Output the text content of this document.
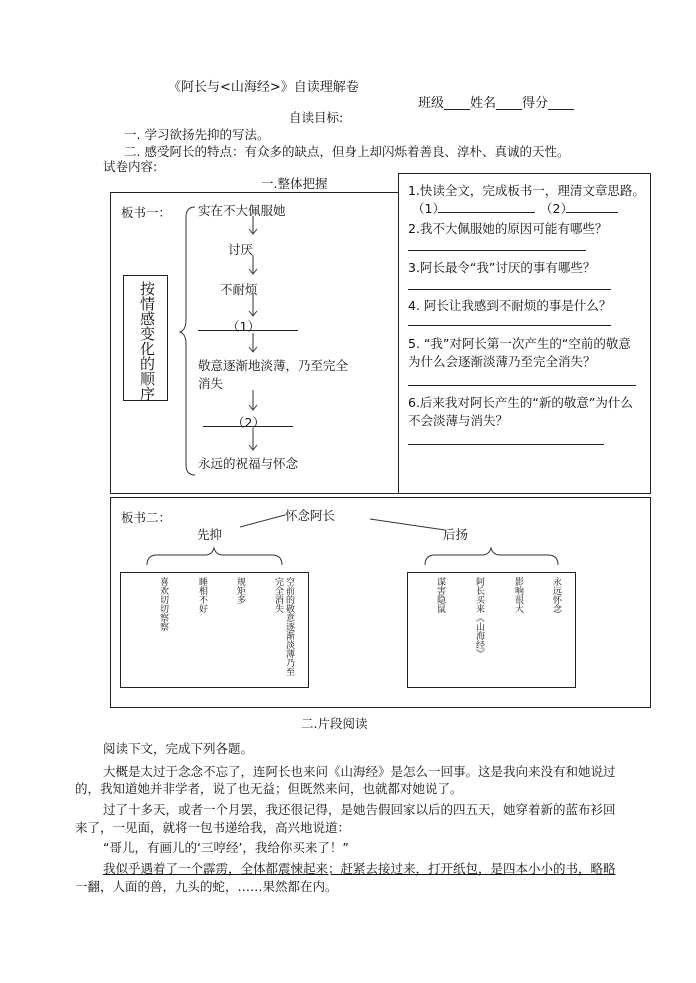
《阿长与<山海经>》自读理解卷
班级____姓名____得分____
自读目标:
一. 学习欲扬先抑的写法。
二. 感受阿长的特点：有众多的缺点，但身上却闪烁着善良、淳朴、真诚的天性。
试卷内容:
一.整体把握
板书一：
按情感变化的顺序
实在不大佩服她
讨厌
不耐烦
（1）
敬意逐渐地淡薄，乃至完全
消失
（2）
永远的祝福与怀念
1.快读全文，完成板书一，理清文章思路。
（1）	（2）
2.我不大佩服她的原因可能有哪些？
3.阿长最令“我”讨厌的事有哪些？
4. 阿长让我感到不耐烦的事是什么？
5. “我”对阿长第一次产生的“空前的敬意
为什么会逐渐淡薄乃至完全消失？
6.后来我对阿长产生的“新的敬意”为什么
不会淡薄与消失？
板书二：	怀念阿长
先抑	后扬
喜欢切切察察	睡相不好	规矩多	空前的敬意逐渐淡薄乃至完全消失	谋害隐鼠	阿长买来《山海经》	影响很大	永远怀念
二.片段阅读
阅读下文，完成下列各题。
大概是太过于念念不忘了，连阿长也来问《山海经》是怎么一回事。这是我向来没有和她说过
的，我知道她并非学者，说了也无益；但既然来问，也就都对她说了。
过了十多天，或者一个月罢，我还很记得，是她告假回家以后的四五天，她穿着新的蓝布衫回
来了，一见面，就将一包书递给我，高兴地说道：
“哥儿，有画儿的‘三哼经’，我给你买来了！”
我似乎遇着了一个霹雳，全体都震悚起来；赶紧去接过来，打开纸包，是四本小小的书，略略
一翻，人面的兽，九头的蛇，……果然都在内。
